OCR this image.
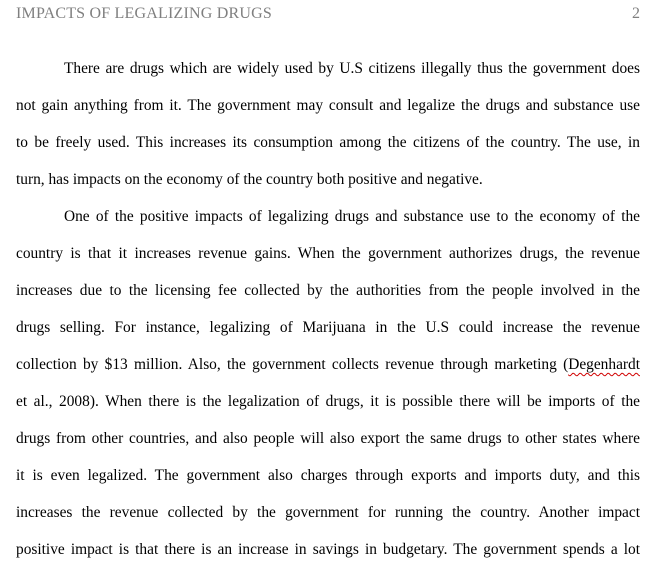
IMPACTS OF LEGALIZING DRUGS	2
There are drugs which are widely used by U.S citizens illegally thus the government does
not gain anything from it. The government may consult and legalize the drugs and substance use
to be freely used. This increases its consumption among the citizens of the country. The use, in
turn, has impacts on the economy of the country both positive and negative.
One of the positive impacts of legalizing drugs and substance use to the economy of the
country is that it increases revenue gains. When the government authorizes drugs, the revenue
increases due to the licensing fee collected by the authorities from the people involved in the
drugs selling. For instance, legalizing of Marijuana in the U.S could increase the revenue
collection by $13 million. Also, the government collects revenue through marketing (Degenhardt
et al., 2008). When there is the legalization of drugs, it is possible there will be imports of the
drugs from other countries, and also people will also export the same drugs to other states where
it is even legalized. The government also charges through exports and imports duty, and this
increases the revenue collected by the government for running the country. Another impact
positive impact is that there is an increase in savings in budgetary. The government spends a lot
